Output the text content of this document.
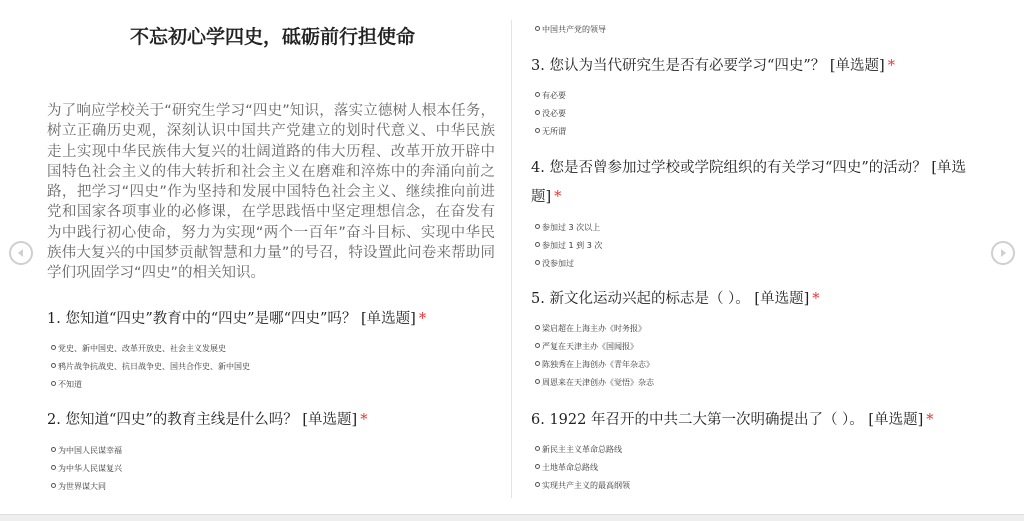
不忘初心学四史，砥砺前行担使命
为了响应学校关于“研究生学习“四史”知识，落实立德树人根本任务，树立正确历史观，深刻认识中国共产党建立的划时代意义、中华民族走上实现中华民族伟大复兴的壮阔道路的伟大历程、改革开放开辟中国特色社会主义的伟大转折和社会主义在磨难和淬炼中的奔涌向前之路，把学习“四史”作为坚持和发展中国特色社会主义、继续推向前进党和国家各项事业的必修课，在学思践悟中坚定理想信念，在奋发有为中践行初心使命，努力为实现“两个一百年”奋斗目标、实现中华民族伟大复兴的中国梦贡献智慧和力量”的号召，特设置此问卷来帮助同学们巩固学习“四史”的相关知识。
1. 您知道“四史”教育中的“四史”是哪“四史”吗？ [单选题] *
党史、新中国史、改革开放史、社会主义发展史
鸦片战争抗战史、抗日战争史、国共合作史、新中国史
不知道
2. 您知道“四史”的教育主线是什么吗？ [单选题] *
为中国人民谋幸福
为中华人民谋复兴
为世界谋大同
中国共产党的领导
3. 您认为当代研究生是否有必要学习“四史”？ [单选题] *
有必要
没必要
无所谓
4. 您是否曾参加过学校或学院组织的有关学习“四史”的活动？ [单选
题] *
参加过 3 次以上
参加过 1 到 3 次
没参加过
5. 新文化运动兴起的标志是（ ）。 [单选题] *
梁启超在上海主办《时务报》
严复在天津主办《国闻报》
陈独秀在上海创办《青年杂志》
周恩来在天津创办《觉悟》杂志
6. 1922 年召开的中共二大第一次明确提出了（ ）。 [单选题] *
新民主主义革命总路线
土地革命总路线
实现共产主义的最高纲领
